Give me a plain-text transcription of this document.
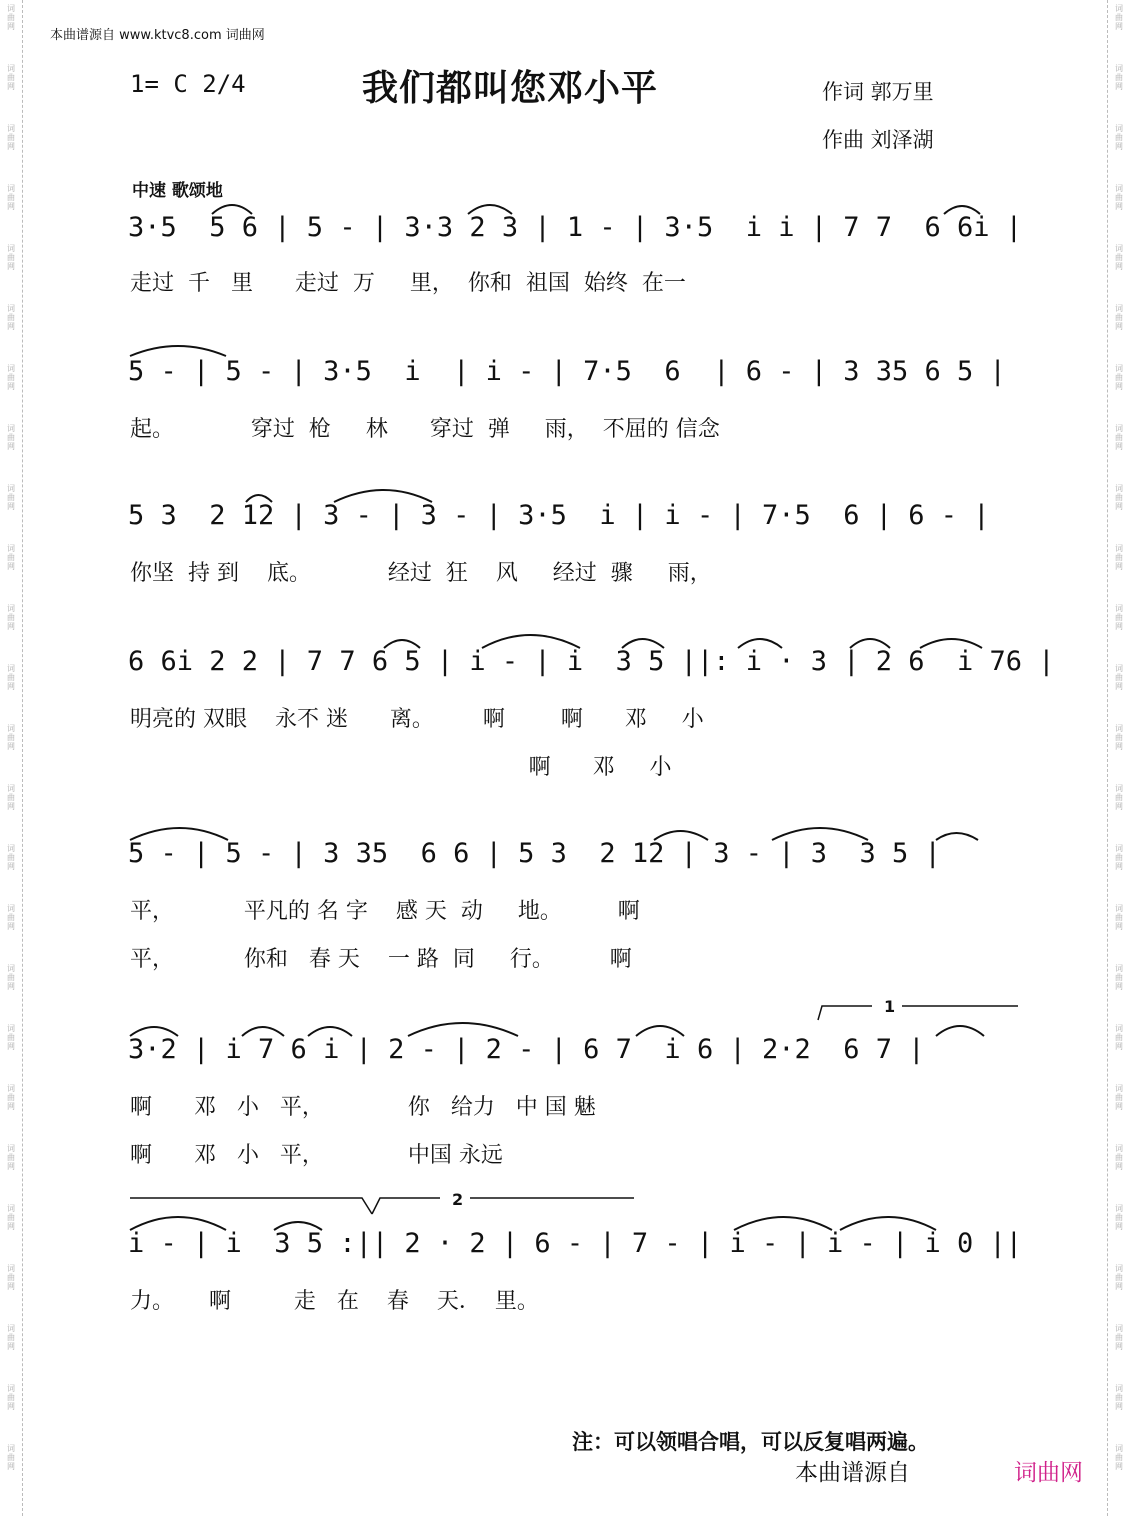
词曲网
词曲网
词曲网
词曲网
词曲网
词曲网
词曲网
词曲网
词曲网
词曲网
词曲网
词曲网
词曲网
词曲网
词曲网
词曲网
词曲网
词曲网
词曲网
词曲网
词曲网
词曲网
词曲网
词曲网
词曲网
词曲网
词曲网
词曲网
词曲网
词曲网
词曲网
词曲网
词曲网
词曲网
词曲网
词曲网
词曲网
词曲网
词曲网
词曲网
词曲网
词曲网
词曲网
词曲网
词曲网
词曲网
词曲网
词曲网
词曲网
词曲网
本曲谱源自 www.ktvc8.com 词曲网
1= C 2/4	我们都叫您邓小平	作词 郭万里
作曲 刘泽湖
中速 歌颂地
3·5  5 6 | 5 - | 3·3 2 3 | 1 - | 3·5  i i | 7 7  6 6i |
走过  千   里      走过  万     里，  你和  祖国  始终  在一
5 - | 5 - | 3·5  i  | i - | 7·5  6  | 6 - | 3 35 6 5 |
起。           穿过  枪     林      穿过  弹     雨，  不屈的 信念
5 3  2 12 | 3 - | 3 - | 3·5  i | i - | 7·5  6 | 6 - |
你坚  持 到    底。           经过  狂    风     经过  骤     雨，
6 6i 2 2 | 7 7 6 5 | i - | i  3 5 ||: i · 3 | 2 6  i 76 |
明亮的 双眼    永不 迷      离。       啊        啊      邓     小
啊      邓     小
5 - | 5 - | 3 35  6 6 | 5 3  2 12 | 3 - | 3  3 5 |
平，          平凡的 名 字    感 天  动     地。        啊
平，          你和   春 天    一 路  同     行。        啊
3·2 | i 7 6 i | 2 - | 2 - | 6 7  i 6 | 2·2  6 7 |
啊      邓   小   平，            你   给力   中 国 魅
啊      邓   小   平，            中国 永远
i - | i  3 5 :|| 2 · 2 | 6 - | 7 - | i - | i - | i 0 ||
力。     啊         走   在    春    天．  里。
1
2
注：可以领唱合唱，可以反复唱两遍。
本曲谱源自	词曲网
